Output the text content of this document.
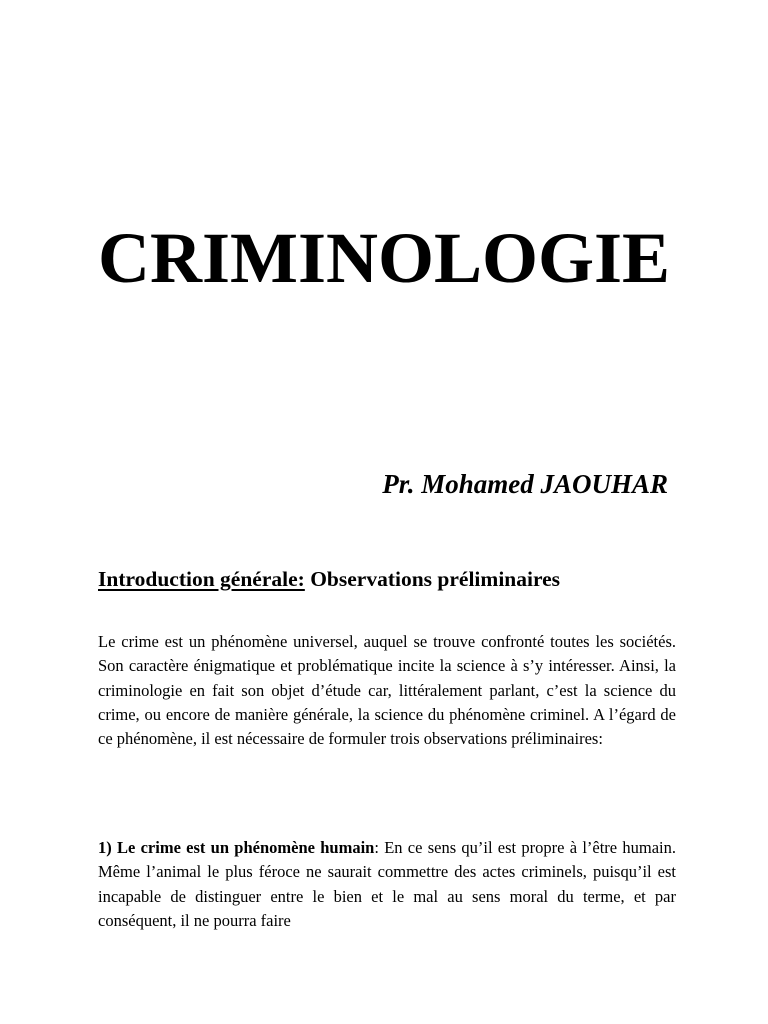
CRIMINOLOGIE

Pr. Mohamed JAOUHAR

Introduction générale: Observations préliminaires

Le crime est un phénomène universel, auquel se trouve confronté toutes les sociétés. Son caractère énigmatique et problématique incite la science à s’y intéresser. Ainsi, la criminologie en fait son objet d’étude car, littéralement parlant, c’est la science du crime, ou encore de manière générale, la science du phénomène criminel. A l’égard de ce phénomène, il est nécessaire de formuler trois observations préliminaires:

1) Le crime est un phénomène humain: En ce sens qu’il est propre à l’être humain. Même l’animal le plus féroce ne saurait commettre des actes criminels, puisqu’il est incapable de distinguer entre le bien et le mal au sens moral du terme, et par conséquent, il ne pourra faire
